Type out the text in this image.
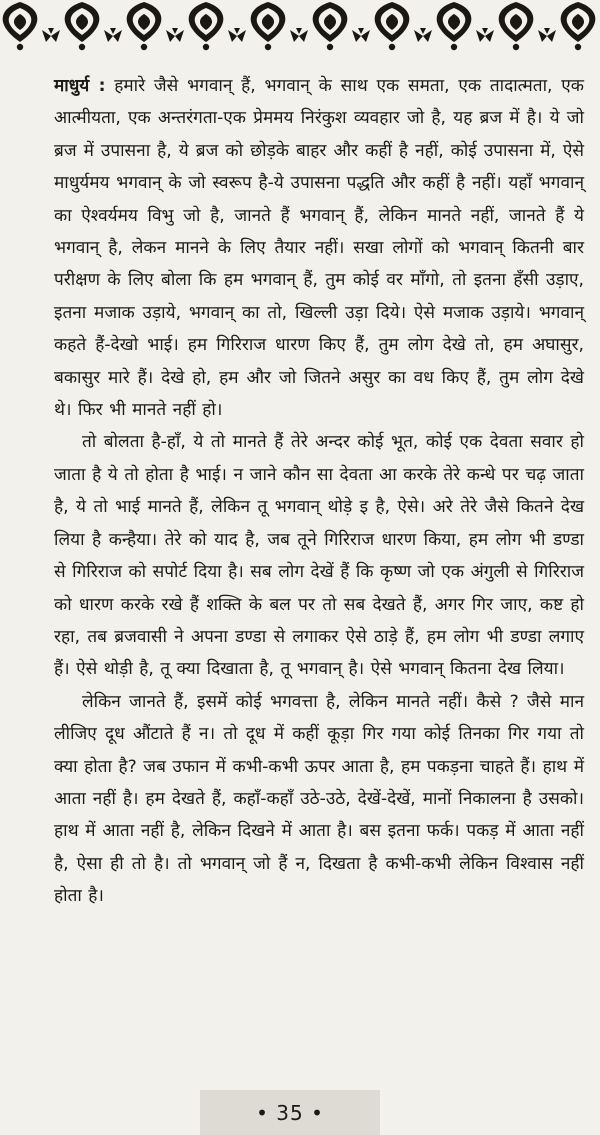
माधुर्य : हमारे जैसे भगवान् हैं, भगवान् के साथ एक समता, एक तादात्मता, एक आत्मीयता, एक अन्तरंगता-एक प्रेममय निरंकुश व्यवहार जो है, यह ब्रज में है। ये जो ब्रज में उपासना है, ये ब्रज को छोड़के बाहर और कहीं है नहीं, कोई उपासना में, ऐसे माधुर्यमय भगवान् के जो स्वरूप है-ये उपासना पद्धति और कहीं है नहीं। यहाँ भगवान् का ऐश्वर्यमय विभु जो है, जानते हैं भगवान् हैं, लेकिन मानते नहीं, जानते हैं ये भगवान् है, लेकन मानने के लिए तैयार नहीं। सखा लोगों को भगवान् कितनी बार परीक्षण के लिए बोला कि हम भगवान् हैं, तुम कोई वर माँगो, तो इतना हँसी उड़ाए, इतना मजाक उड़ाये, भगवान् का तो, खिल्ली उड़ा दिये। ऐसे मजाक उड़ाये। भगवान् कहते हैं-देखो भाई। हम गिरिराज धारण किए हैं, तुम लोग देखे तो, हम अघासुर, बकासुर मारे हैं। देखे हो, हम और जो जितने असुर का वध किए हैं, तुम लोग देखे थे। फिर भी मानते नहीं हो।

तो बोलता है-हाँ, ये तो मानते हैं तेरे अन्दर कोई भूत, कोई एक देवता सवार हो जाता है ये तो होता है भाई। न जाने कौन सा देवता आ करके तेरे कन्धे पर चढ़ जाता है, ये तो भाई मानते हैं, लेकिन तू भगवान् थोड़े इ है, ऐसे। अरे तेरे जैसे कितने देख लिया है कन्हैया। तेरे को याद है, जब तूने गिरिराज धारण किया, हम लोग भी डण्डा से गिरिराज को सपोर्ट दिया है। सब लोग देखें हैं कि कृष्ण जो एक अंगुली से गिरिराज को धारण करके रखे हैं शक्ति के बल पर तो सब देखते हैं, अगर गिर जाए, कष्ट हो रहा, तब ब्रजवासी ने अपना डण्डा से लगाकर ऐसे ठाड़े हैं, हम लोग भी डण्डा लगाए हैं। ऐसे थोड़ी है, तू क्या दिखाता है, तू भगवान् है। ऐसे भगवान् कितना देख लिया।

लेकिन जानते हैं, इसमें कोई भगवत्ता है, लेकिन मानते नहीं। कैसे ? जैसे मान लीजिए दूध औंटाते हैं न। तो दूध में कहीं कूड़ा गिर गया कोई तिनका गिर गया तो क्या होता है? जब उफान में कभी-कभी ऊपर आता है, हम पकड़ना चाहते हैं। हाथ में आता नहीं है। हम देखते हैं, कहाँ-कहाँ उठे-उठे, देखें-देखें, मानों निकालना है उसको। हाथ में आता नहीं है, लेकिन दिखने में आता है। बस इतना फर्क। पकड़ में आता नहीं है, ऐसा ही तो है। तो भगवान् जो हैं न, दिखता है कभी-कभी लेकिन विश्वास नहीं होता है।

• 35 •
